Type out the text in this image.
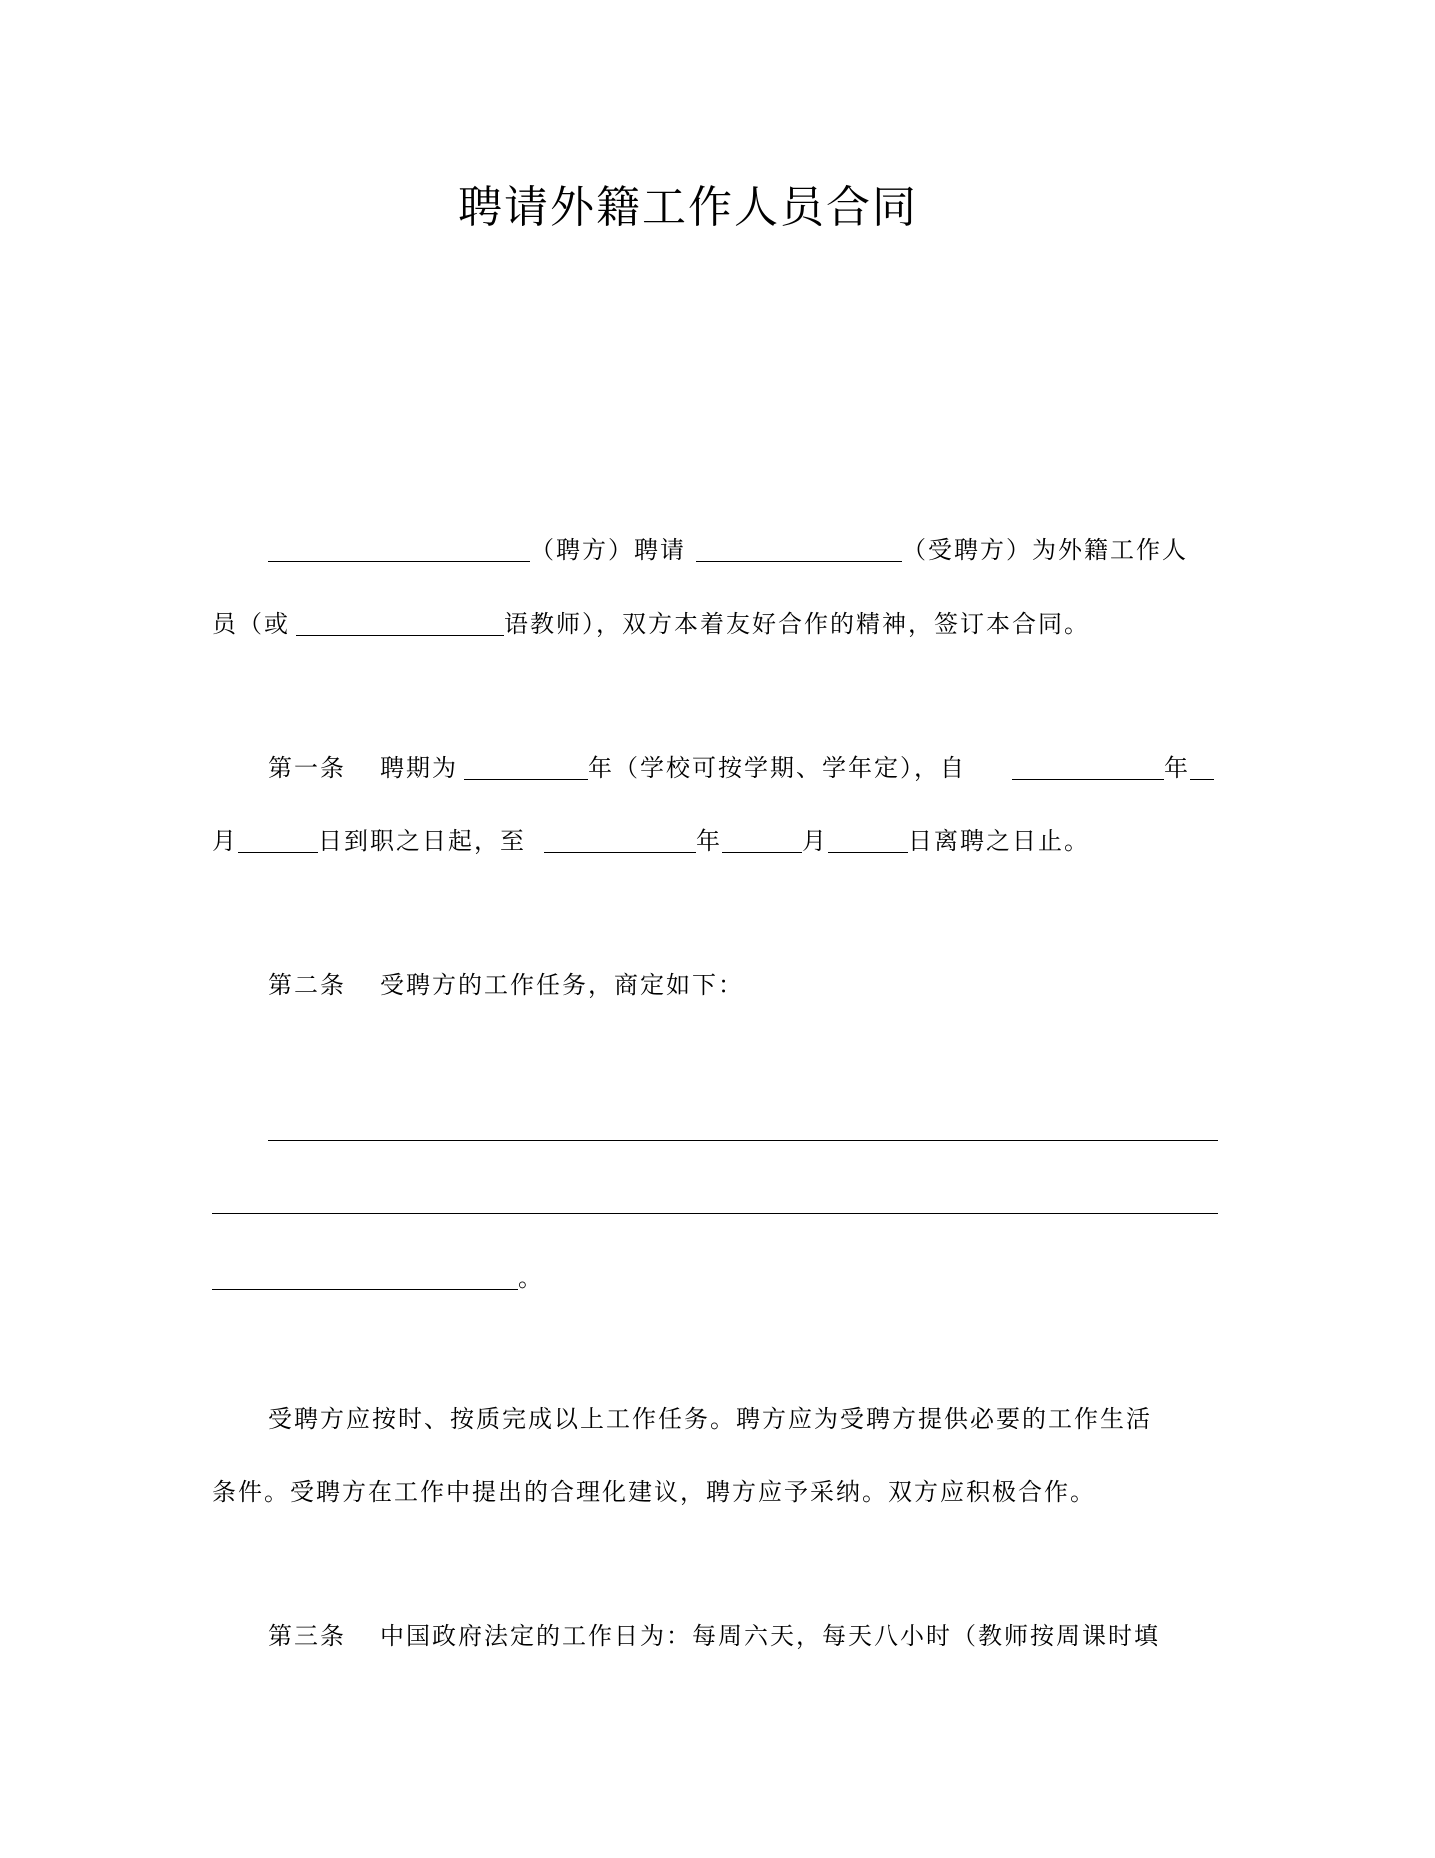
聘请外籍工作人员合同
（聘方）聘请	（受聘方）为外籍工作人
员（或	语教师），双方本着友好合作的精神，签订本合同。
第一条 聘期为	年（学校可按学期、学年定），自	年
月	日到职之日起，至	年	月	日离聘之日止。
第二条 受聘方的工作任务，商定如下：
。
受聘方应按时、按质完成以上工作任务。聘方应为受聘方提供必要的工作生活
条件。受聘方在工作中提出的合理化建议，聘方应予采纳。双方应积极合作。
第三条 中国政府法定的工作日为：每周六天，每天八小时（教师按周课时填
